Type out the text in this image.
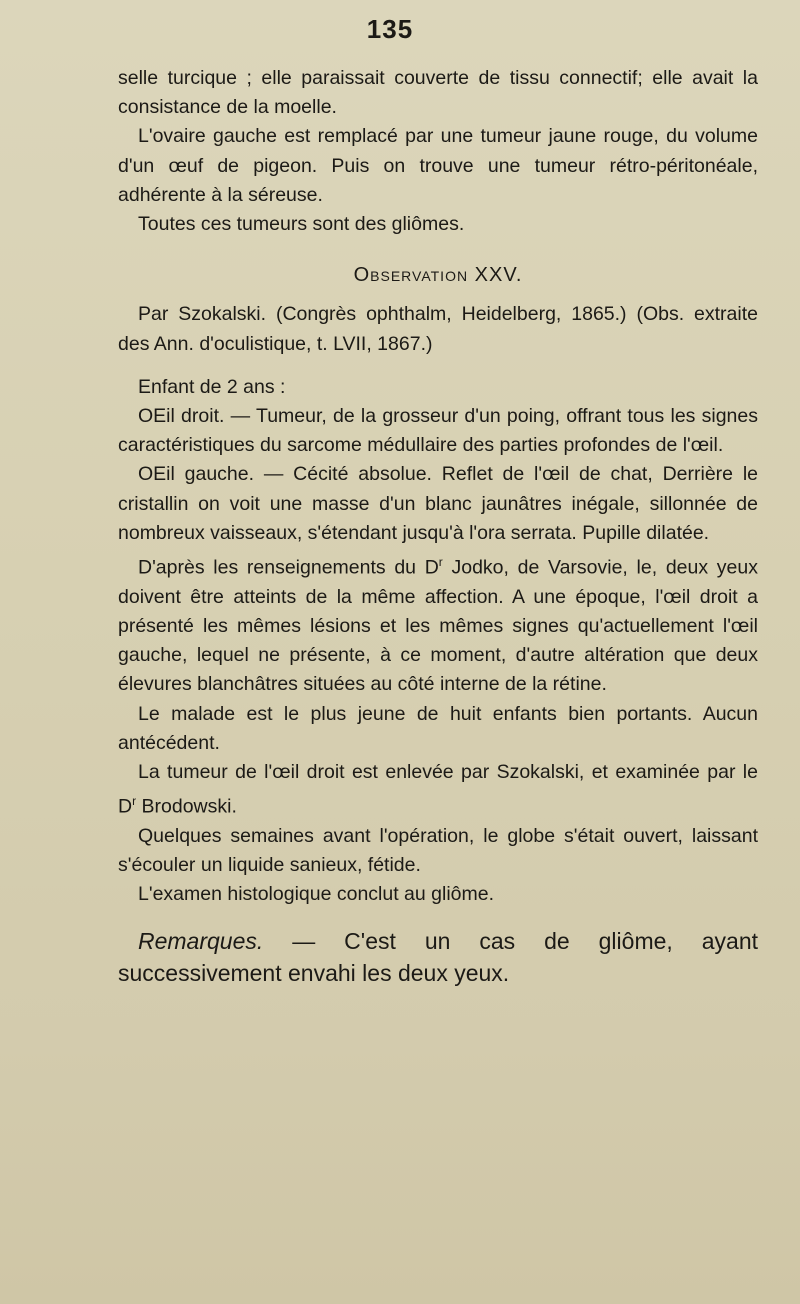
135

selle turcique ; elle paraissait couverte de tissu connectif; elle avait la consistance de la moelle.

L'ovaire gauche est remplacé par une tumeur jaune rouge, du volume d'un œuf de pigeon. Puis on trouve une tumeur rétro-péritonéale, adhérente à la séreuse.

Toutes ces tumeurs sont des gliômes.

Observation XXV.

Par Szokalski. (Congrès ophthalm, Heidelberg, 1865.) (Obs. extraite des Ann. d'oculistique, t. LVII, 1867.)

Enfant de 2 ans :

OEil droit. — Tumeur, de la grosseur d'un poing, offrant tous les signes caractéristiques du sarcome médullaire des parties profondes de l'œil.

OEil gauche. — Cécité absolue. Reflet de l'œil de chat, Derrière le cristallin on voit une masse d'un blanc jaunâtres inégale, sillonnée de nombreux vaisseaux, s'étendant jusqu'à l'ora serrata. Pupille dilatée.

D'après les renseignements du $D^r$ Jodko, de Varsovie, le, deux yeux doivent être atteints de la même affection. A une époque, l'œil droit a présenté les mêmes lésions et les mêmes signes qu'actuellement l'œil gauche, lequel ne présente, à ce moment, d'autre altération que deux élevures blanchâtres situées au côté interne de la rétine.

Le malade est le plus jeune de huit enfants bien portants. Aucun antécédent.

La tumeur de l'œil droit est enlevée par Szokalski, et examinée par le $D^r$ Brodowski.

Quelques semaines avant l'opération, le globe s'était ouvert, laissant s'écouler un liquide sanieux, fétide.

L'examen histologique conclut au gliôme.

Remarques. — C'est un cas de gliôme, ayant successivement envahi les deux yeux.
